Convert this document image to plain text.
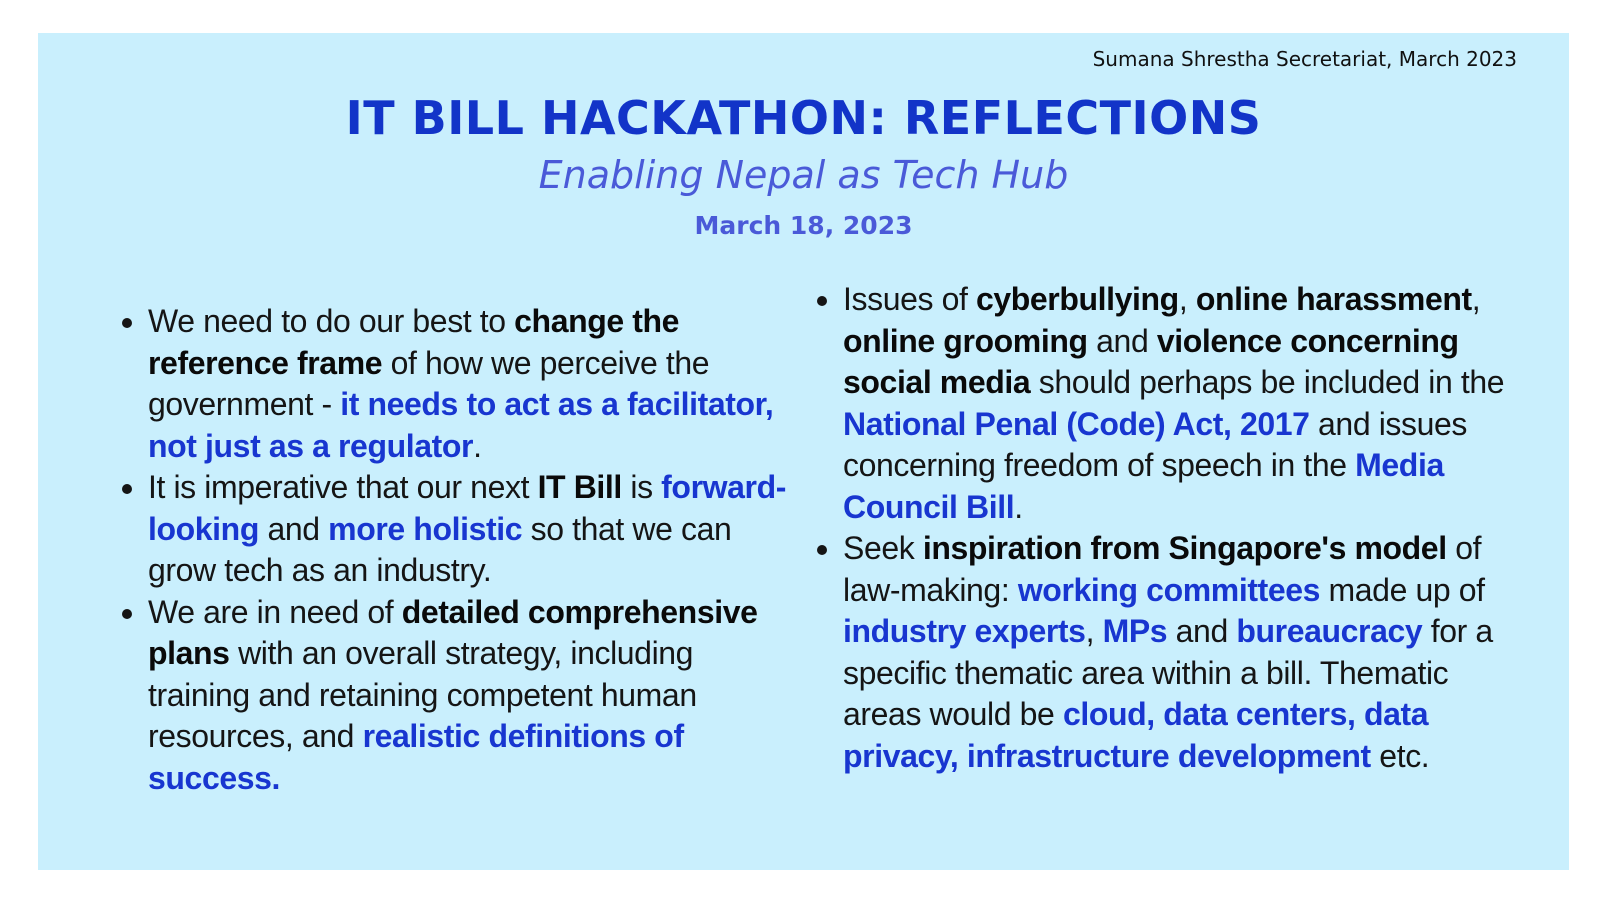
Sumana Shrestha Secretariat, March 2023
IT BILL HACKATHON: REFLECTIONS
Enabling Nepal as Tech Hub
March 18, 2023
• We need to do our best to change the reference frame of how we perceive the government - it needs to act as a facilitator, not just as a regulator.
• It is imperative that our next IT Bill is forward-looking and more holistic so that we can grow tech as an industry.
• We are in need of detailed comprehensive plans with an overall strategy, including training and retaining competent human resources, and realistic definitions of success.
• Issues of cyberbullying, online harassment, online grooming and violence concerning social media should perhaps be included in the National Penal (Code) Act, 2017 and issues concerning freedom of speech in the Media Council Bill.
• Seek inspiration from Singapore's model of law-making: working committees made up of industry experts, MPs and bureaucracy for a specific thematic area within a bill. Thematic areas would be cloud, data centers, data privacy, infrastructure development etc.
